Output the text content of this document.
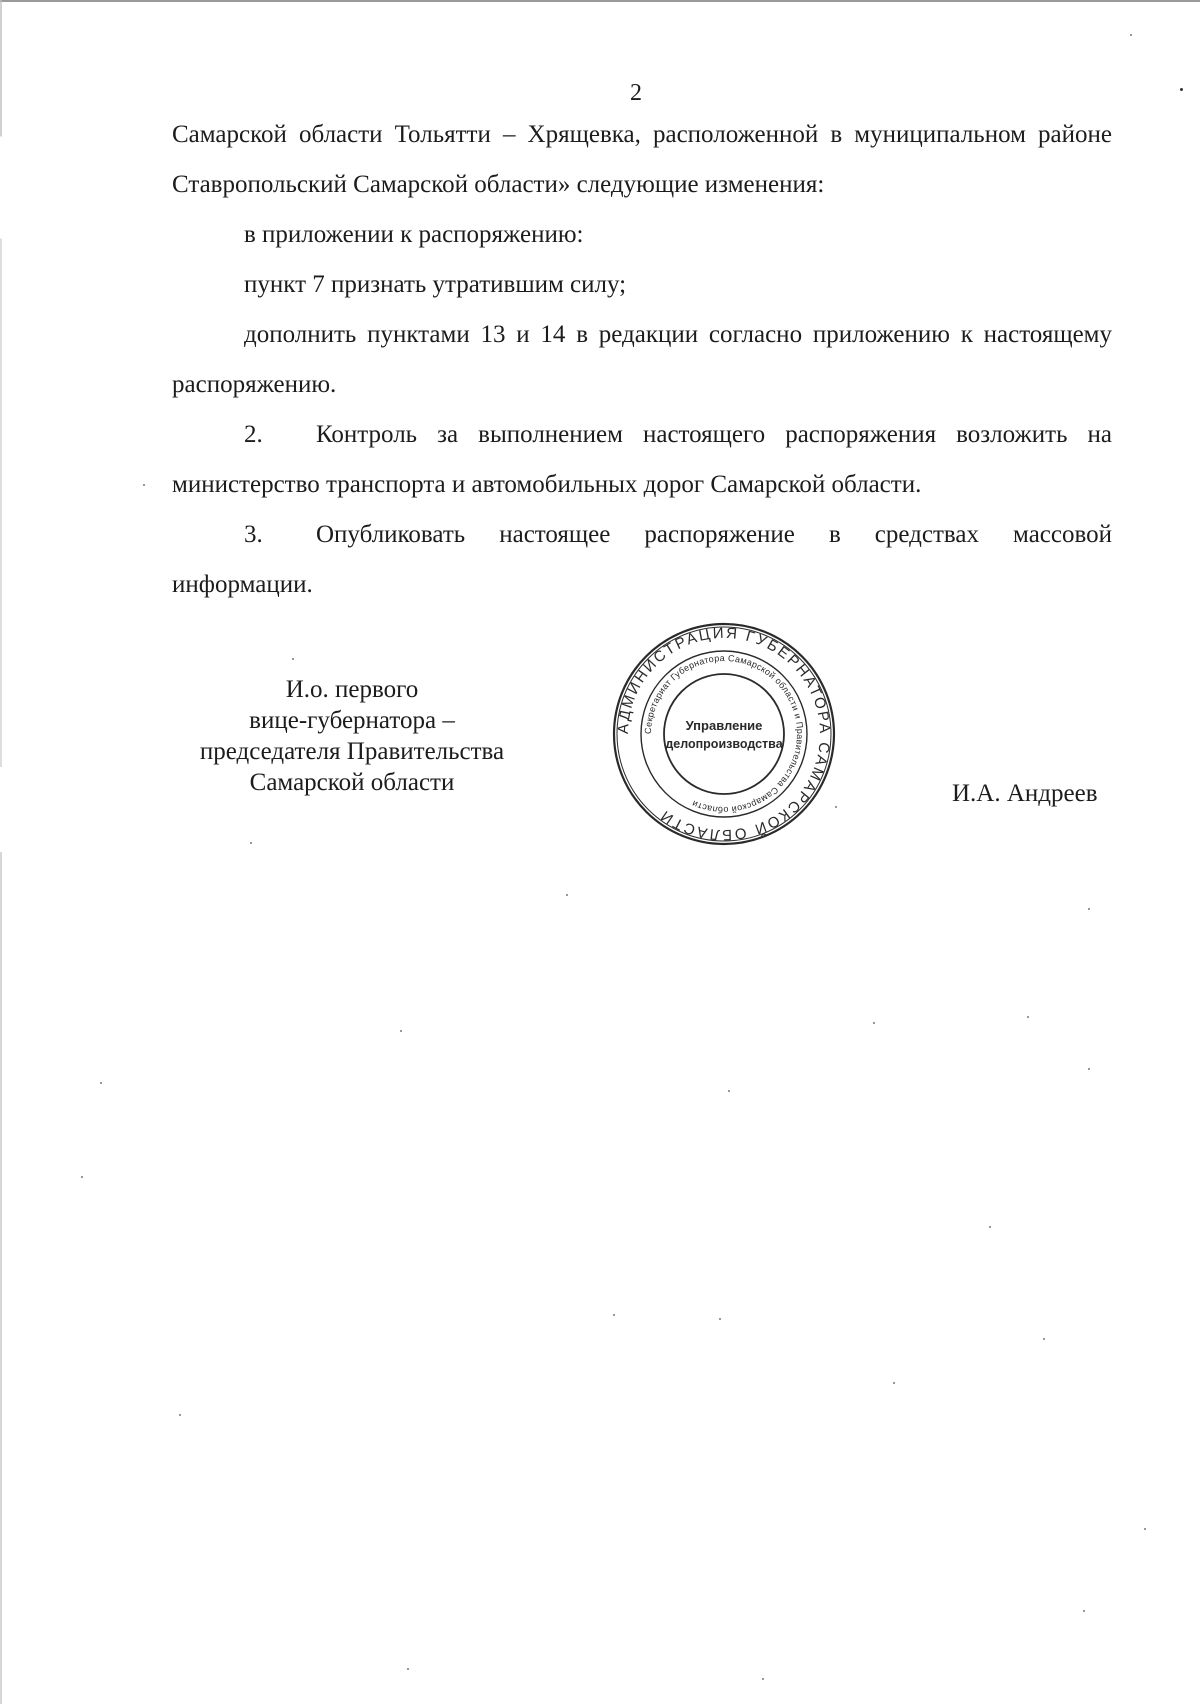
2

Самарской области Тольятти – Хрящевка, расположенной в муниципальном районе Ставропольский Самарской области» следующие изменения:

в приложении к распоряжению:

пункт 7 признать утратившим силу;

дополнить пунктами 13 и 14 в редакции согласно приложению к настоящему распоряжению.

2. Контроль за выполнением настоящего распоряжения возложить на министерство транспорта и автомобильных дорог Самарской области.

3. Опубликовать настоящее распоряжение в средствах массовой информации.

И.о. первого
вице-губернатора –
председателя Правительства
Самарской области
АДМИНИСТРАЦИЯ ГУБЕРНАТОРА САМАРСКОЙ ОБЛАСТИ
Секретариат Губернатора Самарской области и Правительства Самарской области
Управление
делопроизводства
И.А. Андреев
